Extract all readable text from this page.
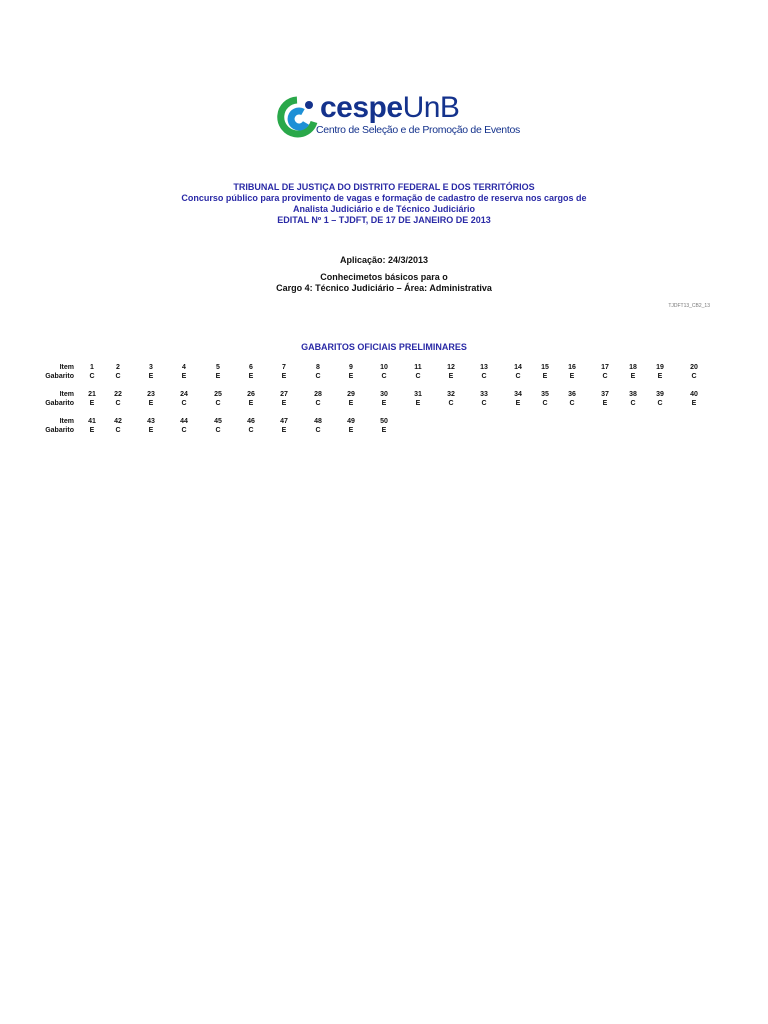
cespeUnB
Centro de Seleção e de Promoção de Eventos
TRIBUNAL DE JUSTIÇA DO DISTRITO FEDERAL E DOS TERRITÓRIOS
Concurso público para provimento de vagas e formação de cadastro de reserva nos cargos de
Analista Judiciário e de Técnico Judiciário
EDITAL Nº 1 – TJDFT, DE 17 DE JANEIRO DE 2013
Aplicação: 24/3/2013
Conhecimetos básicos para o
Cargo 4: Técnico Judiciário – Área: Administrativa
TJDFT13_CB2_13
GABARITOS OFICIAIS PRELIMINARES
Item
Gabarito
1
C
2
C
3
E
4
E
5
E
6
E
7
E
8
C
9
E
10
C
11
C
12
E
13
C
14
C
15
E
16
E
17
C
18
E
19
E
20
C
Item
Gabarito
21
E
22
C
23
E
24
C
25
C
26
E
27
E
28
C
29
E
30
E
31
E
32
C
33
C
34
E
35
C
36
C
37
E
38
C
39
C
40
E
Item
Gabarito
41
E
42
C
43
E
44
C
45
C
46
C
47
E
48
C
49
E
50
E
